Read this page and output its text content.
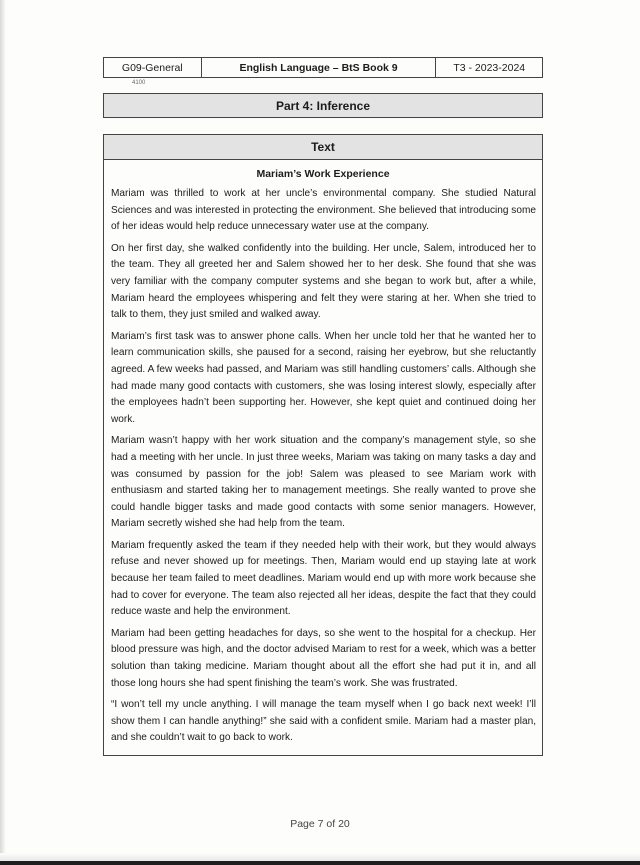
G09-General	English Language – BtS Book 9	T3 - 2023-2024
4100
Part 4: Inference
Text
Mariam’s Work Experience

Mariam was thrilled to work at her uncle’s environmental company. She studied Natural Sciences and was interested in protecting the environment. She believed that introducing some of her ideas would help reduce unnecessary water use at the company.

On her first day, she walked confidently into the building. Her uncle, Salem, introduced her to the team. They all greeted her and Salem showed her to her desk. She found that she was very familiar with the company computer systems and she began to work but, after a while, Mariam heard the employees whispering and felt they were staring at her. When she tried to talk to them, they just smiled and walked away.

Mariam’s first task was to answer phone calls. When her uncle told her that he wanted her to learn communication skills, she paused for a second, raising her eyebrow, but she reluctantly agreed. A few weeks had passed, and Mariam was still handling customers’ calls. Although she had made many good contacts with customers, she was losing interest slowly, especially after the employees hadn’t been supporting her. However, she kept quiet and continued doing her work.

Mariam wasn’t happy with her work situation and the company’s management style, so she had a meeting with her uncle. In just three weeks, Mariam was taking on many tasks a day and was consumed by passion for the job! Salem was pleased to see Mariam work with enthusiasm and started taking her to management meetings. She really wanted to prove she could handle bigger tasks and made good contacts with some senior managers. However, Mariam secretly wished she had help from the team.

Mariam frequently asked the team if they needed help with their work, but they would always refuse and never showed up for meetings. Then, Mariam would end up staying late at work because her team failed to meet deadlines. Mariam would end up with more work because she had to cover for everyone. The team also rejected all her ideas, despite the fact that they could reduce waste and help the environment.

Mariam had been getting headaches for days, so she went to the hospital for a checkup. Her blood pressure was high, and the doctor advised Mariam to rest for a week, which was a better solution than taking medicine. Mariam thought about all the effort she had put it in, and all those long hours she had spent finishing the team’s work. She was frustrated.

“I won’t tell my uncle anything. I will manage the team myself when I go back next week! I’ll show them I can handle anything!” she said with a confident smile. Mariam had a master plan, and she couldn’t wait to go back to work.

Page 7 of 20
